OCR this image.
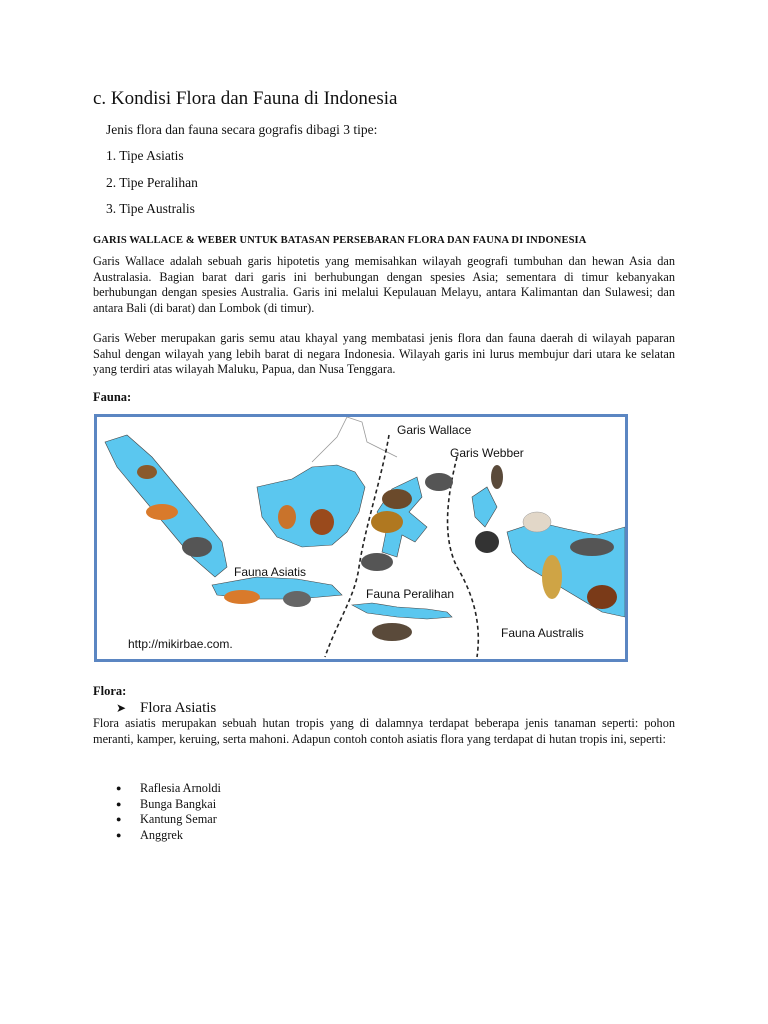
c. Kondisi Flora dan Fauna di Indonesia
Jenis flora dan fauna secara gografis dibagi 3 tipe:
1. Tipe Asiatis
2. Tipe Peralihan
3. Tipe Australis
GARIS WALLACE & WEBER UNTUK BATASAN PERSEBARAN FLORA DAN FAUNA DI INDONESIA

Garis Wallace adalah sebuah garis hipotetis yang memisahkan wilayah geografi tumbuhan dan hewan Asia dan Australasia. Bagian barat dari garis ini berhubungan dengan spesies Asia; sementara di timur kebanyakan berhubungan dengan spesies Australia. Garis ini melalui Kepulauan Melayu, antara Kalimantan dan Sulawesi; dan antara Bali (di barat) dan Lombok (di timur).

Garis Weber merupakan garis semu atau khayal yang membatasi jenis flora dan fauna daerah di wilayah paparan Sahul dengan wilayah yang lebih barat di negara Indonesia. Wilayah garis ini lurus membujur dari utara ke selatan yang terdiri atas wilayah Maluku, Papua, dan Nusa Tenggara.

Fauna:
Garis Wallace
Garis Webber
Fauna Asiatis
Fauna Peralihan
Fauna Australis
http://mikirbae.com.
Flora:
➤ Flora Asiatis

Flora asiatis merupakan sebuah hutan tropis yang di dalamnya terdapat beberapa jenis tanaman seperti: pohon meranti, kamper, keruing, serta mahoni. Adapun contoh contoh asiatis flora yang terdapat di hutan tropis ini, seperti:

● Raflesia Arnoldi
● Bunga Bangkai
● Kantung Semar
● Anggrek
